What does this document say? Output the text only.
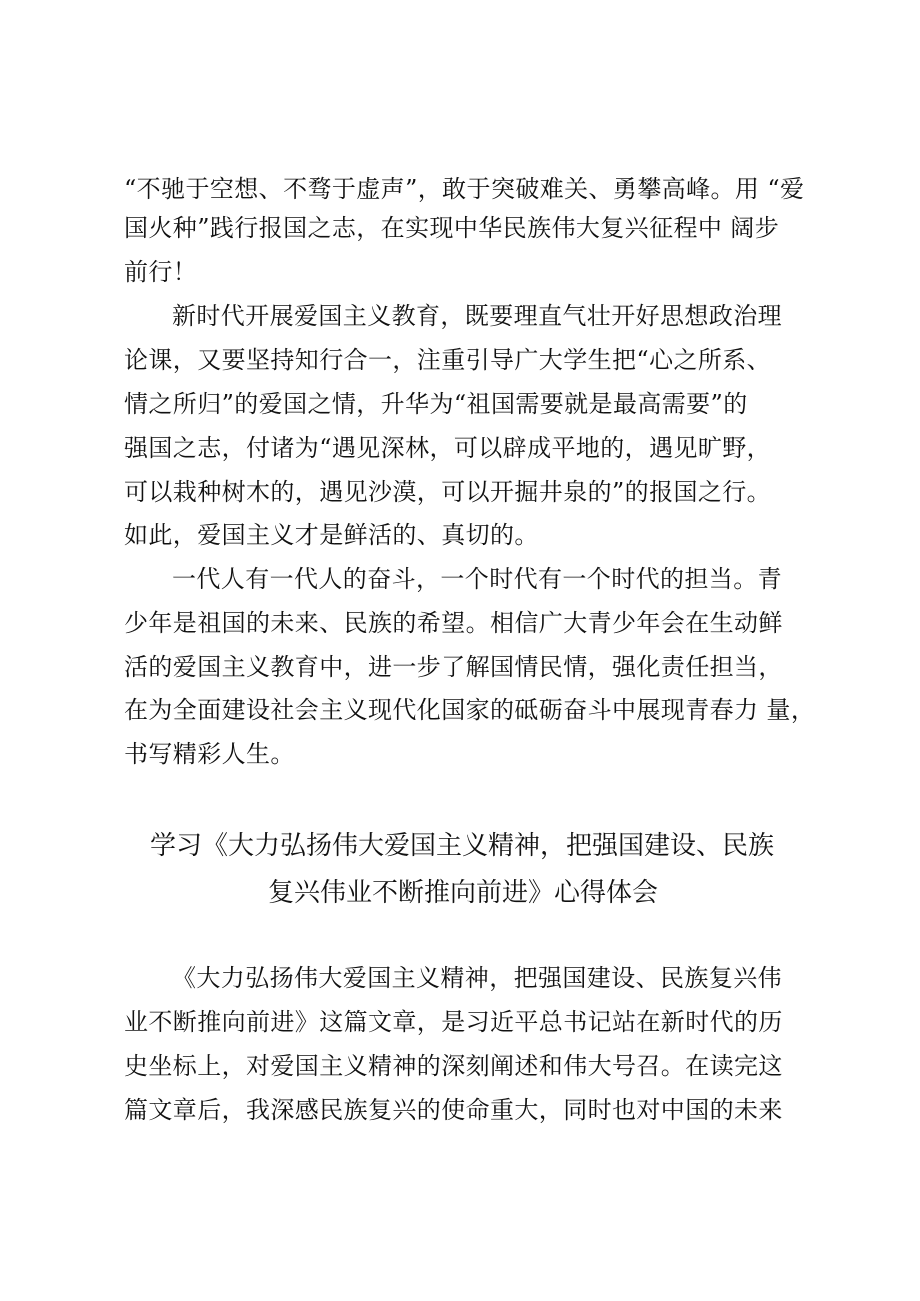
“不驰于空想、不骛于虚声”，敢于突破难关、勇攀高峰。用 “爱
国火种”践行报国之志，在实现中华民族伟大复兴征程中 阔步
前行！
新时代开展爱国主义教育，既要理直气壮开好思想政治理
论课，又要坚持知行合一，注重引导广大学生把“心之所系、
情之所归”的爱国之情，升华为“祖国需要就是最高需要”的
强国之志，付诸为“遇见深林，可以辟成平地的，遇见旷野，
可以栽种树木的，遇见沙漠，可以开掘井泉的”的报国之行。
如此，爱国主义才是鲜活的、真切的。
一代人有一代人的奋斗，一个时代有一个时代的担当。青
少年是祖国的未来、民族的希望。相信广大青少年会在生动鲜
活的爱国主义教育中，进一步了解国情民情，强化责任担当，
在为全面建设社会主义现代化国家的砥砺奋斗中展现青春力 量，
书写精彩人生。
学习《大力弘扬伟大爱国主义精神，把强国建设、民族
复兴伟业不断推向前进》心得体会
《大力弘扬伟大爱国主义精神，把强国建设、民族复兴伟
业不断推向前进》这篇文章，是习近平总书记站在新时代的历
史坐标上，对爱国主义精神的深刻阐述和伟大号召。在读完这
篇文章后，我深感民族复兴的使命重大，同时也对中国的未来
